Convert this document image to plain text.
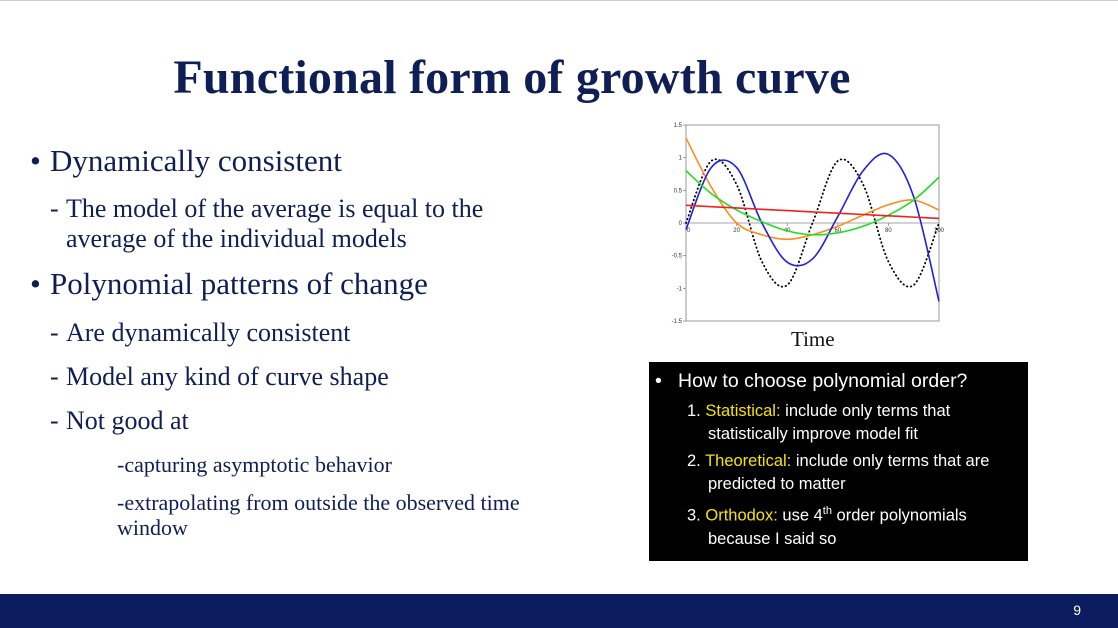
Functional form of growth curve
• Dynamically consistent
- The model of the average is equal to the average of the individual models
• Polynomial patterns of change
- Are dynamically consistent
- Model any kind of curve shape
- Not good at
-capturing asymptotic behavior
-extrapolating from outside the observed time window
1.5
1
0.5
0
-0.5
-1
-1.5
20	40	60	80	100
0
Time
• How to choose polynomial order?
1. Statistical: include only terms that
statistically improve model fit
2. Theoretical: include only terms that are
predicted to matter
3. Orthodox: use 4th order polynomials
because I said so
9
